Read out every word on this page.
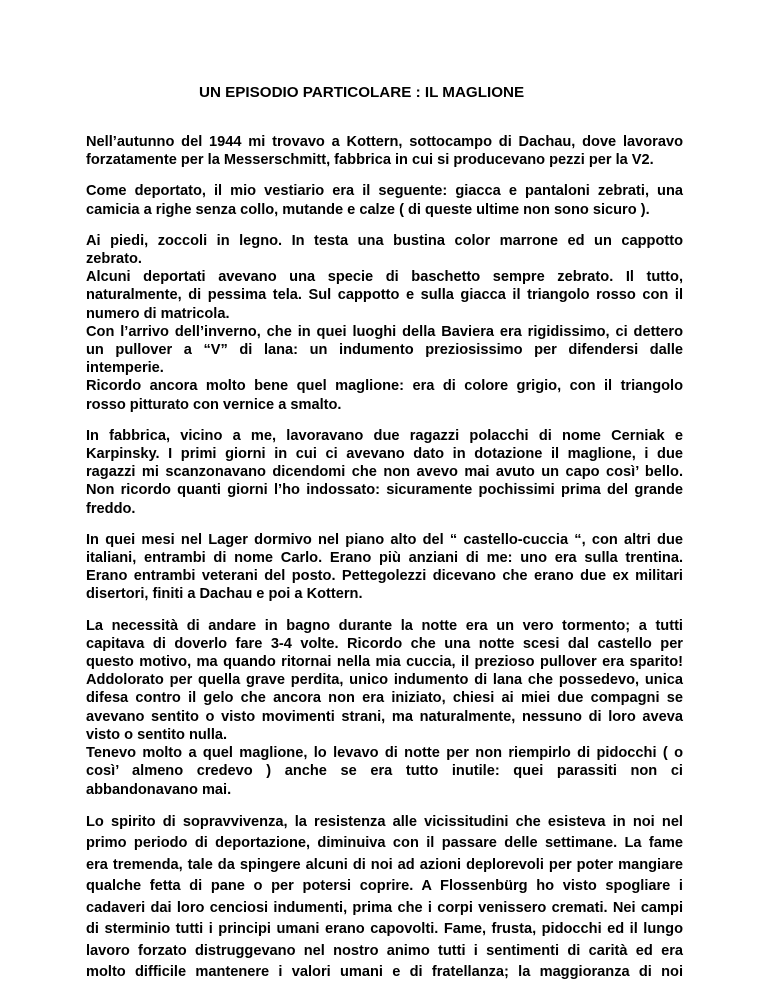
UN EPISODIO PARTICOLARE : IL MAGLIONE
Nell’autunno del 1944 mi trovavo a Kottern, sottocampo di Dachau, dove lavoravo
forzatamente per la Messerschmitt, fabbrica in cui si producevano pezzi per la V2.
Come deportato, il mio vestiario era il seguente: giacca e pantaloni zebrati, una
camicia a righe senza collo, mutande e calze ( di queste ultime non sono sicuro ).
Ai piedi, zoccoli in legno. In testa una bustina color marrone ed un cappotto
zebrato.
Alcuni deportati avevano una specie di baschetto sempre zebrato. Il tutto,
naturalmente, di pessima tela. Sul cappotto e sulla giacca il triangolo rosso con il
numero di matricola.
Con l’arrivo dell’inverno, che in quei luoghi della Baviera era rigidissimo, ci dettero
un pullover a “V” di lana: un indumento preziosissimo per difendersi dalle
intemperie.
Ricordo ancora molto bene quel maglione: era di colore grigio, con il triangolo
rosso pitturato con vernice a smalto.
In fabbrica, vicino a me, lavoravano due ragazzi polacchi di nome Cerniak e
Karpinsky. I primi giorni in cui ci avevano dato in dotazione il maglione, i due
ragazzi mi scanzonavano dicendomi che non avevo mai avuto un capo così’ bello.
Non ricordo quanti giorni l’ho indossato: sicuramente pochissimi prima del grande
freddo.
In quei mesi nel Lager dormivo nel piano alto del “ castello-cuccia “, con altri due
italiani, entrambi di nome Carlo. Erano più anziani di me: uno era sulla trentina.
Erano entrambi veterani del posto. Pettegolezzi dicevano che erano due ex militari
disertori, finiti a Dachau e poi a Kottern.
La necessità di andare in bagno durante la notte era un vero tormento; a tutti
capitava di doverlo fare 3-4 volte. Ricordo che una notte scesi dal castello per
questo motivo, ma quando ritornai nella mia cuccia, il prezioso pullover era sparito!
Addolorato per quella grave perdita, unico indumento di lana che possedevo, unica
difesa contro il gelo che ancora non era iniziato, chiesi ai miei due compagni se
avevano sentito o visto movimenti strani, ma naturalmente, nessuno di loro aveva
visto o sentito nulla.
Tenevo molto a quel maglione, lo levavo di notte per non riempirlo di pidocchi ( o
così’ almeno credevo ) anche se era tutto inutile: quei parassiti non ci
abbandonavano mai.
Lo spirito di sopravvivenza, la resistenza alle vicissitudini che esisteva in noi nel
primo periodo di deportazione, diminuiva con il passare delle settimane. La fame
era tremenda, tale da spingere alcuni di noi ad azioni deplorevoli per poter mangiare
qualche fetta di pane o per potersi coprire. A Flossenbürg ho visto spogliare i
cadaveri dai loro cenciosi indumenti, prima che i corpi venissero cremati. Nei campi
di sterminio tutti i principi umani erano capovolti. Fame, frusta, pidocchi ed il lungo
lavoro forzato distruggevano nel nostro animo tutti i sentimenti di carità ed era
molto difficile mantenere i valori umani e di fratellanza; la maggioranza di noi
